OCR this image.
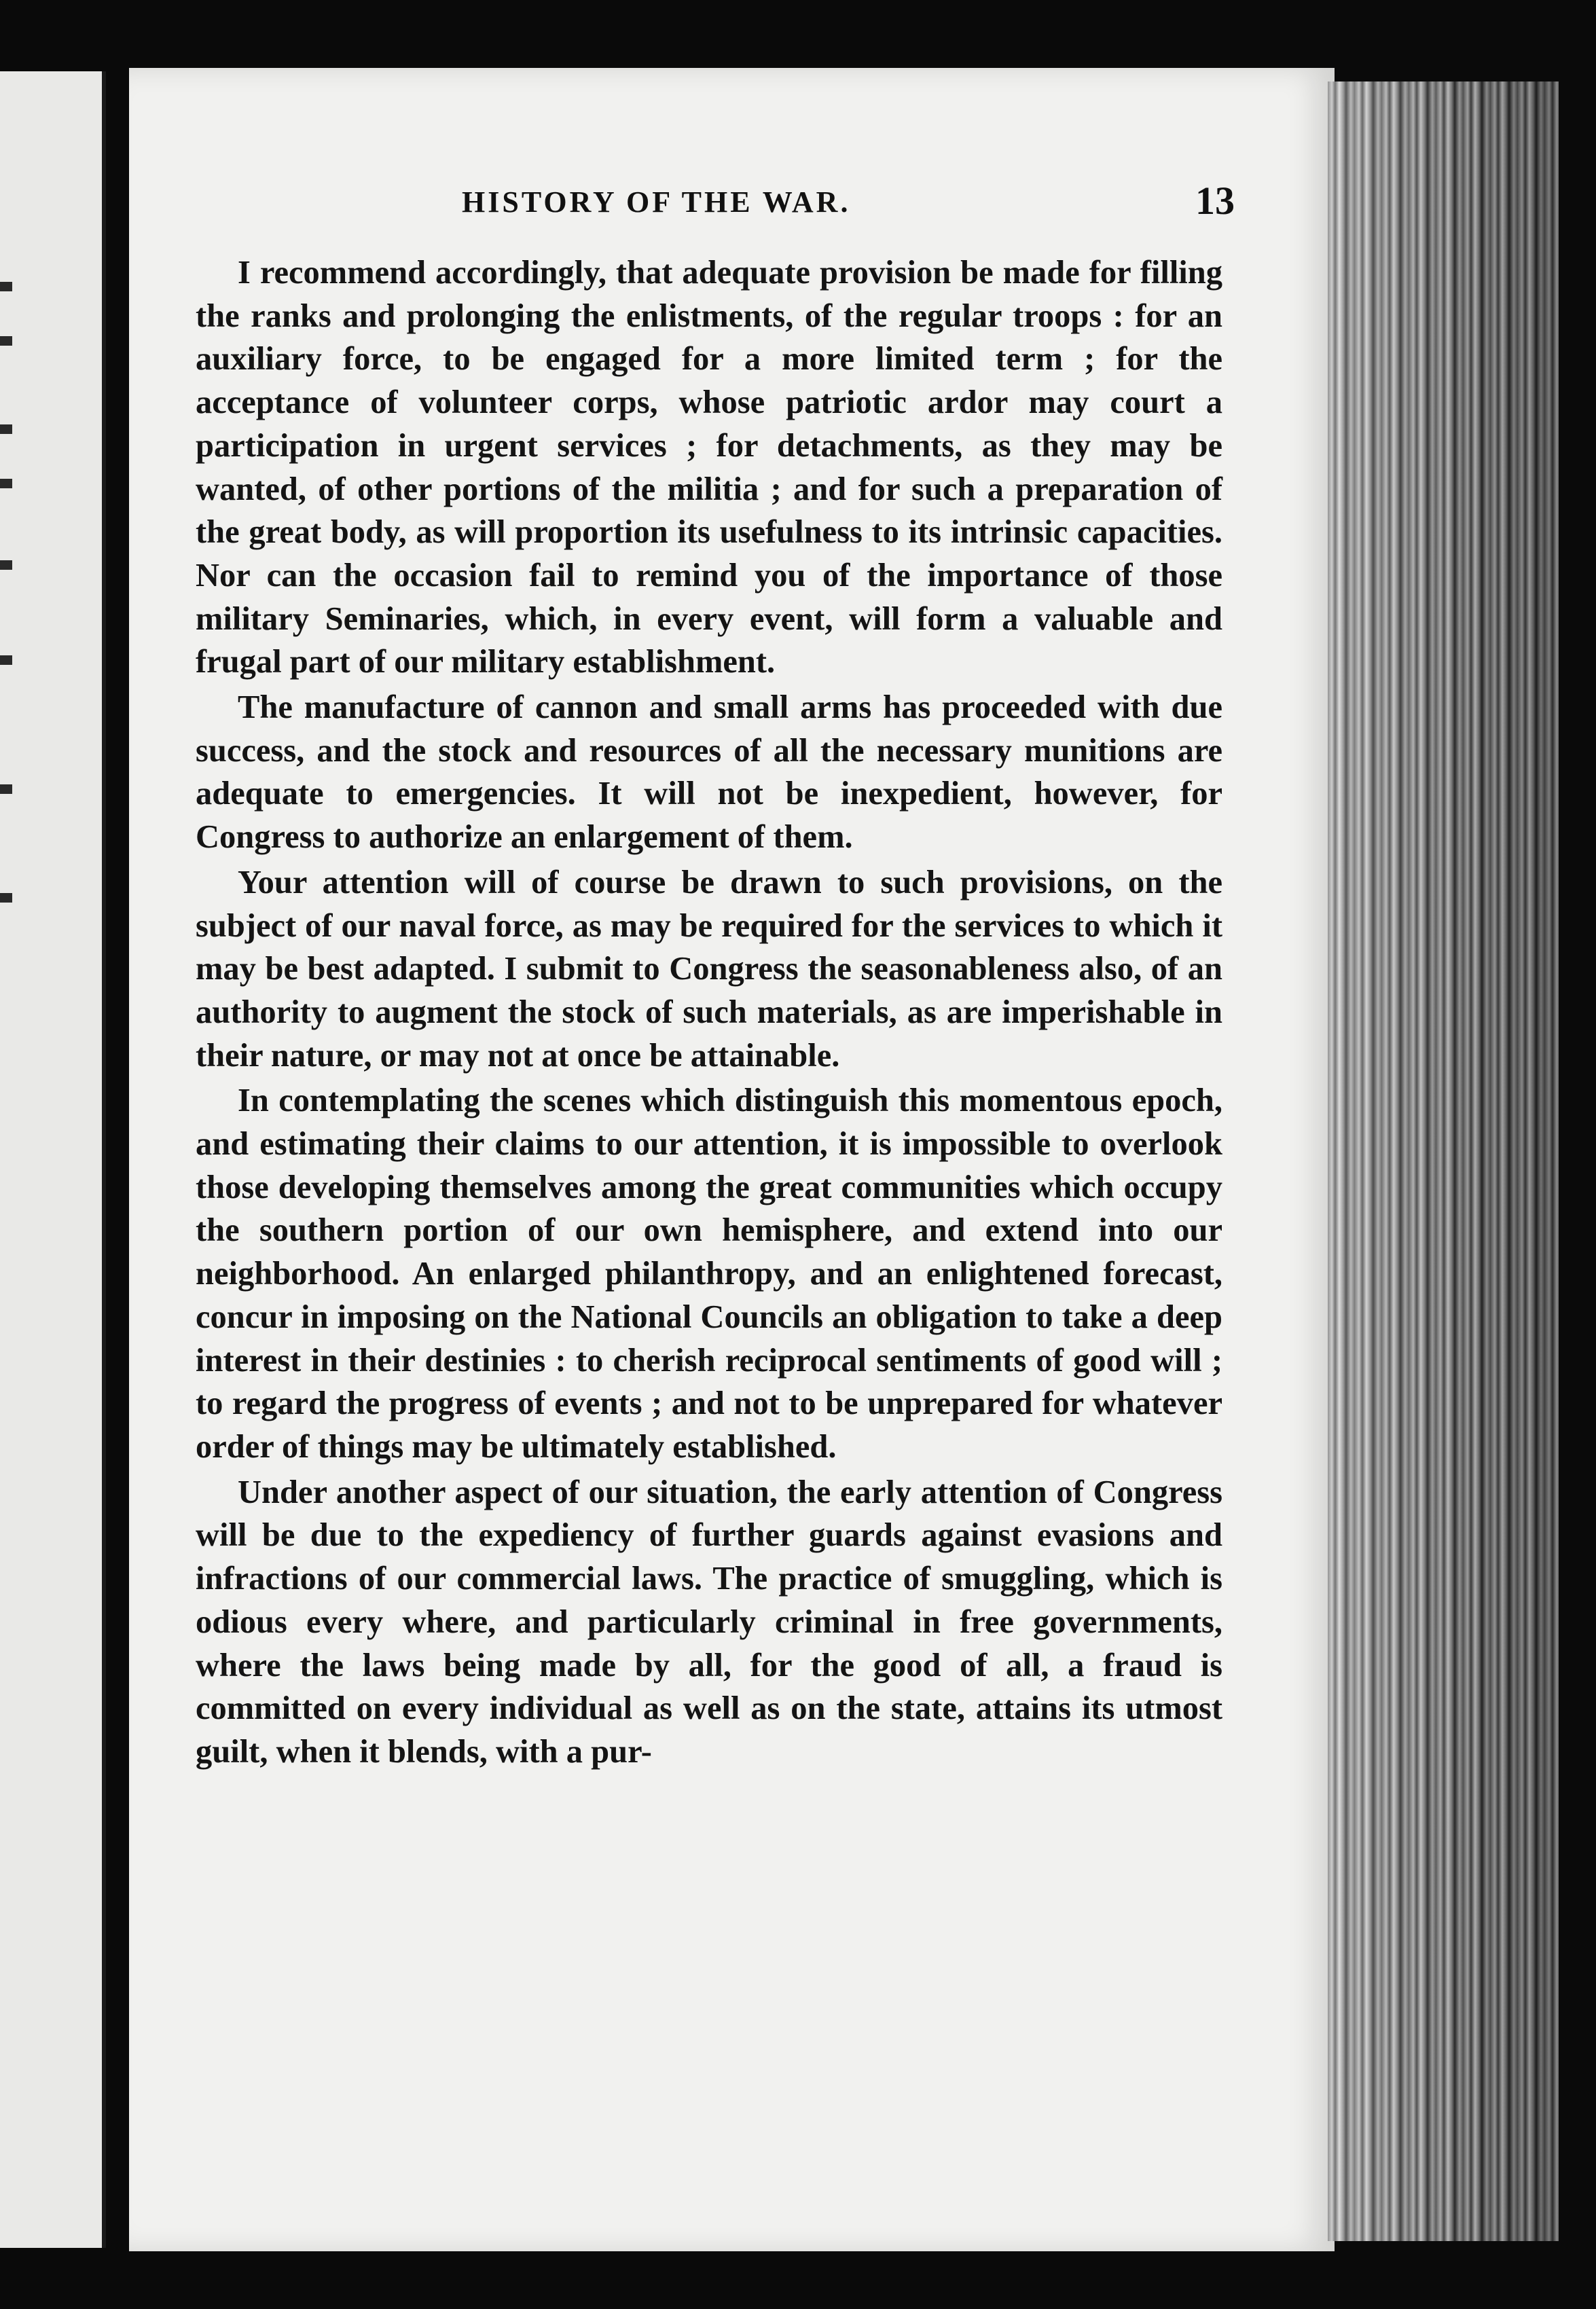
HISTORY OF THE WAR.	13

I recommend accordingly, that adequate provision be made for filling the ranks and prolonging the enlistments, of the regular troops : for an auxiliary force, to be engaged for a more limited term ; for the acceptance of volunteer corps, whose patriotic ardor may court a participation in urgent services ; for detachments, as they may be wanted, of other portions of the militia ; and for such a preparation of the great body, as will proportion its usefulness to its intrinsic capacities. Nor can the occasion fail to remind you of the importance of those military Seminaries, which, in every event, will form a valuable and frugal part of our military establishment.

The manufacture of cannon and small arms has proceeded with due success, and the stock and resources of all the necessary munitions are adequate to emergencies. It will not be inexpedient, however, for Congress to authorize an enlargement of them.

Your attention will of course be drawn to such provisions, on the subject of our naval force, as may be required for the services to which it may be best adapted. I submit to Congress the seasonableness also, of an authority to augment the stock of such materials, as are imperishable in their nature, or may not at once be attainable.

In contemplating the scenes which distinguish this momentous epoch, and estimating their claims to our attention, it is impossible to overlook those developing themselves among the great communities which occupy the southern portion of our own hemisphere, and extend into our neighborhood. An enlarged philanthropy, and an enlightened forecast, concur in imposing on the National Councils an obligation to take a deep interest in their destinies : to cherish reciprocal sentiments of good will ; to regard the progress of events ; and not to be unprepared for whatever order of things may be ultimately established.

Under another aspect of our situation, the early attention of Congress will be due to the expediency of further guards against evasions and infractions of our commercial laws. The practice of smuggling, which is odious every where, and particularly criminal in free governments, where the laws being made by all, for the good of all, a fraud is committed on every individual as well as on the state, attains its utmost guilt, when it blends, with a pur-
